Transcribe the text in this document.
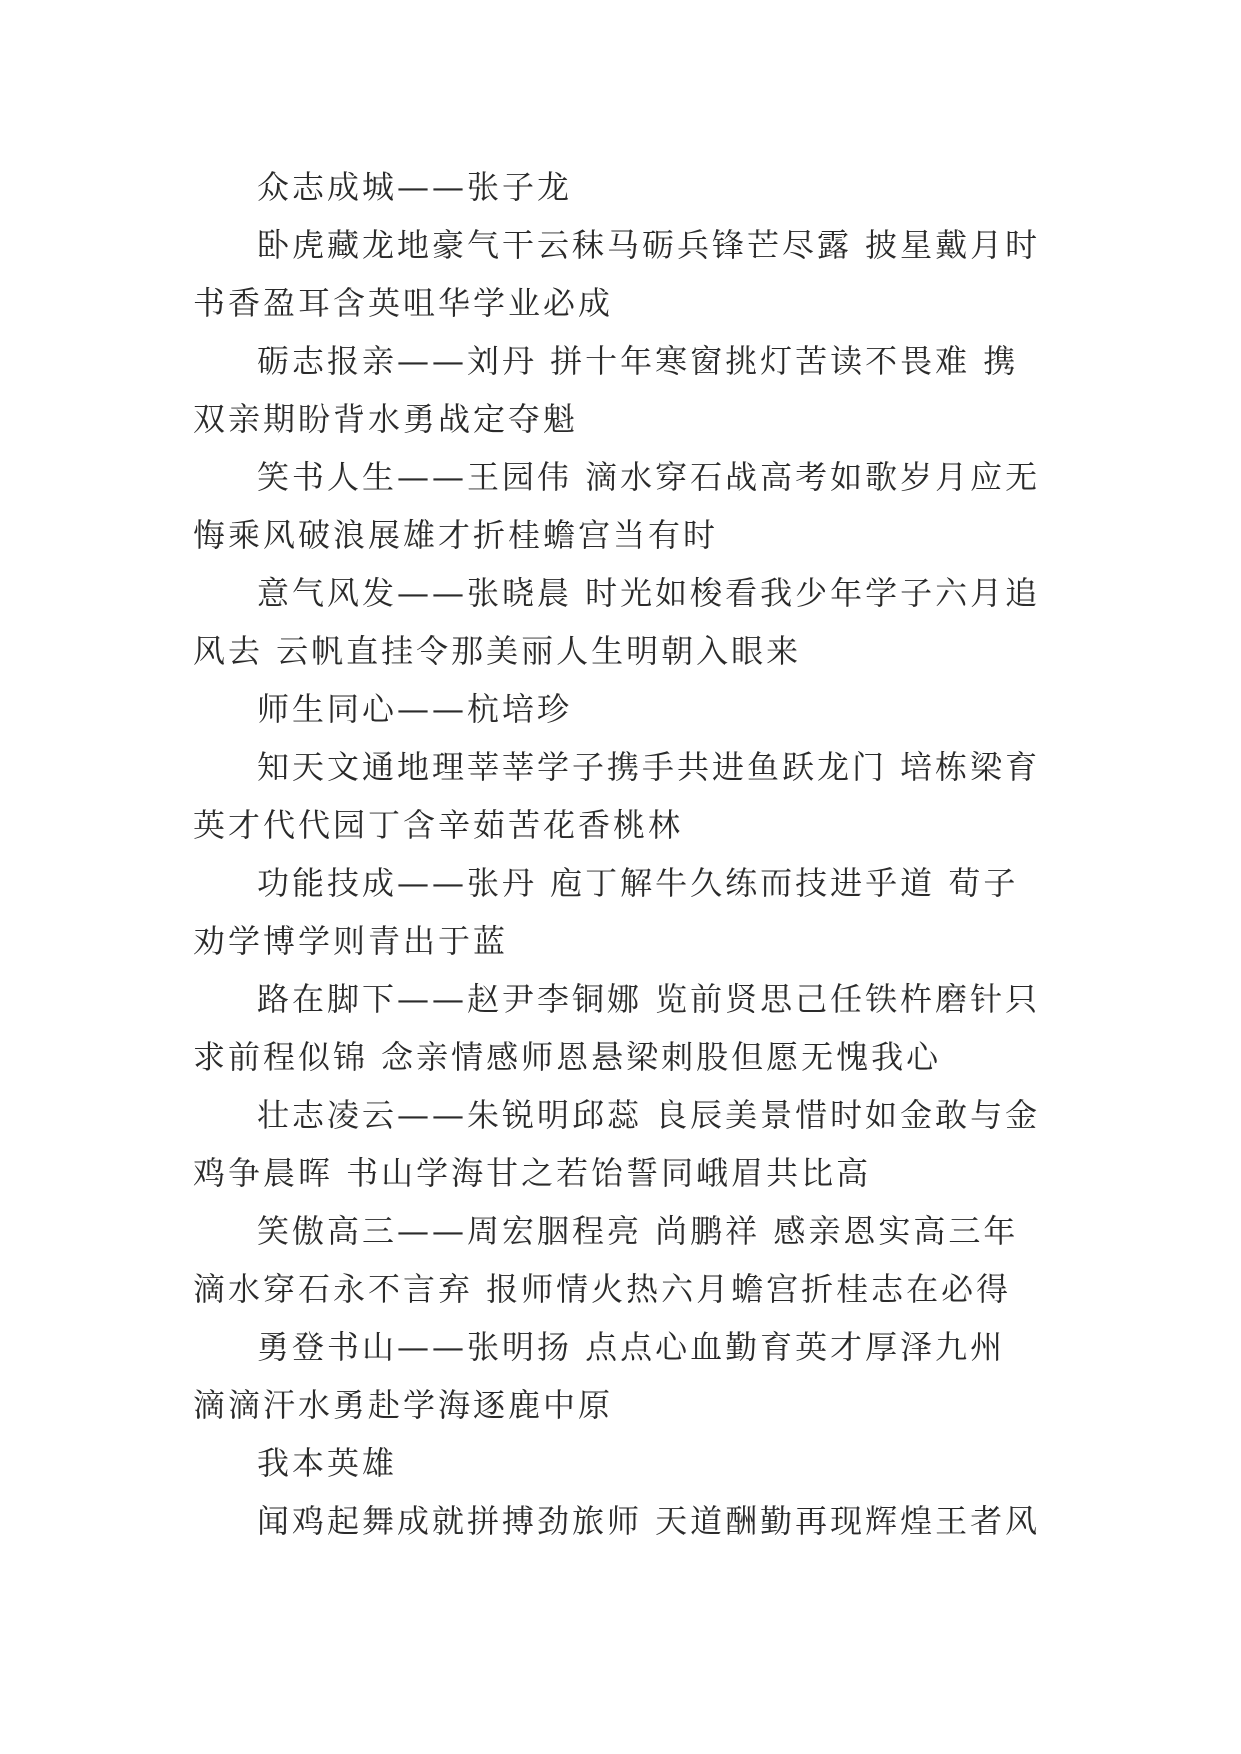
众志成城——张子龙

卧虎藏龙地豪气干云秣马砺兵锋芒尽露 披星戴月时书香盈耳含英咀华学业必成

砺志报亲——刘丹 拼十年寒窗挑灯苦读不畏难 携双亲期盼背水勇战定夺魁

笑书人生——王园伟 滴水穿石战高考如歌岁月应无悔乘风破浪展雄才折桂蟾宫当有时

意气风发——张晓晨 时光如梭看我少年学子六月追风去 云帆直挂令那美丽人生明朝入眼来

师生同心——杭培珍

知天文通地理莘莘学子携手共进鱼跃龙门 培栋梁育英才代代园丁含辛茹苦花香桃林

功能技成——张丹 庖丁解牛久练而技进乎道 荀子劝学博学则青出于蓝

路在脚下——赵尹李铜娜 览前贤思己任铁杵磨针只求前程似锦 念亲情感师恩悬梁刺股但愿无愧我心

壮志凌云——朱锐明邱蕊 良辰美景惜时如金敢与金鸡争晨晖 书山学海甘之若饴誓同峨眉共比高

笑傲高三——周宏胭程亮 尚鹏祥 感亲恩实高三年滴水穿石永不言弃 报师情火热六月蟾宫折桂志在必得

勇登书山——张明扬 点点心血勤育英才厚泽九州 滴滴汗水勇赴学海逐鹿中原

我本英雄

闻鸡起舞成就拼搏劲旅师 天道酬勤再现辉煌王者风
